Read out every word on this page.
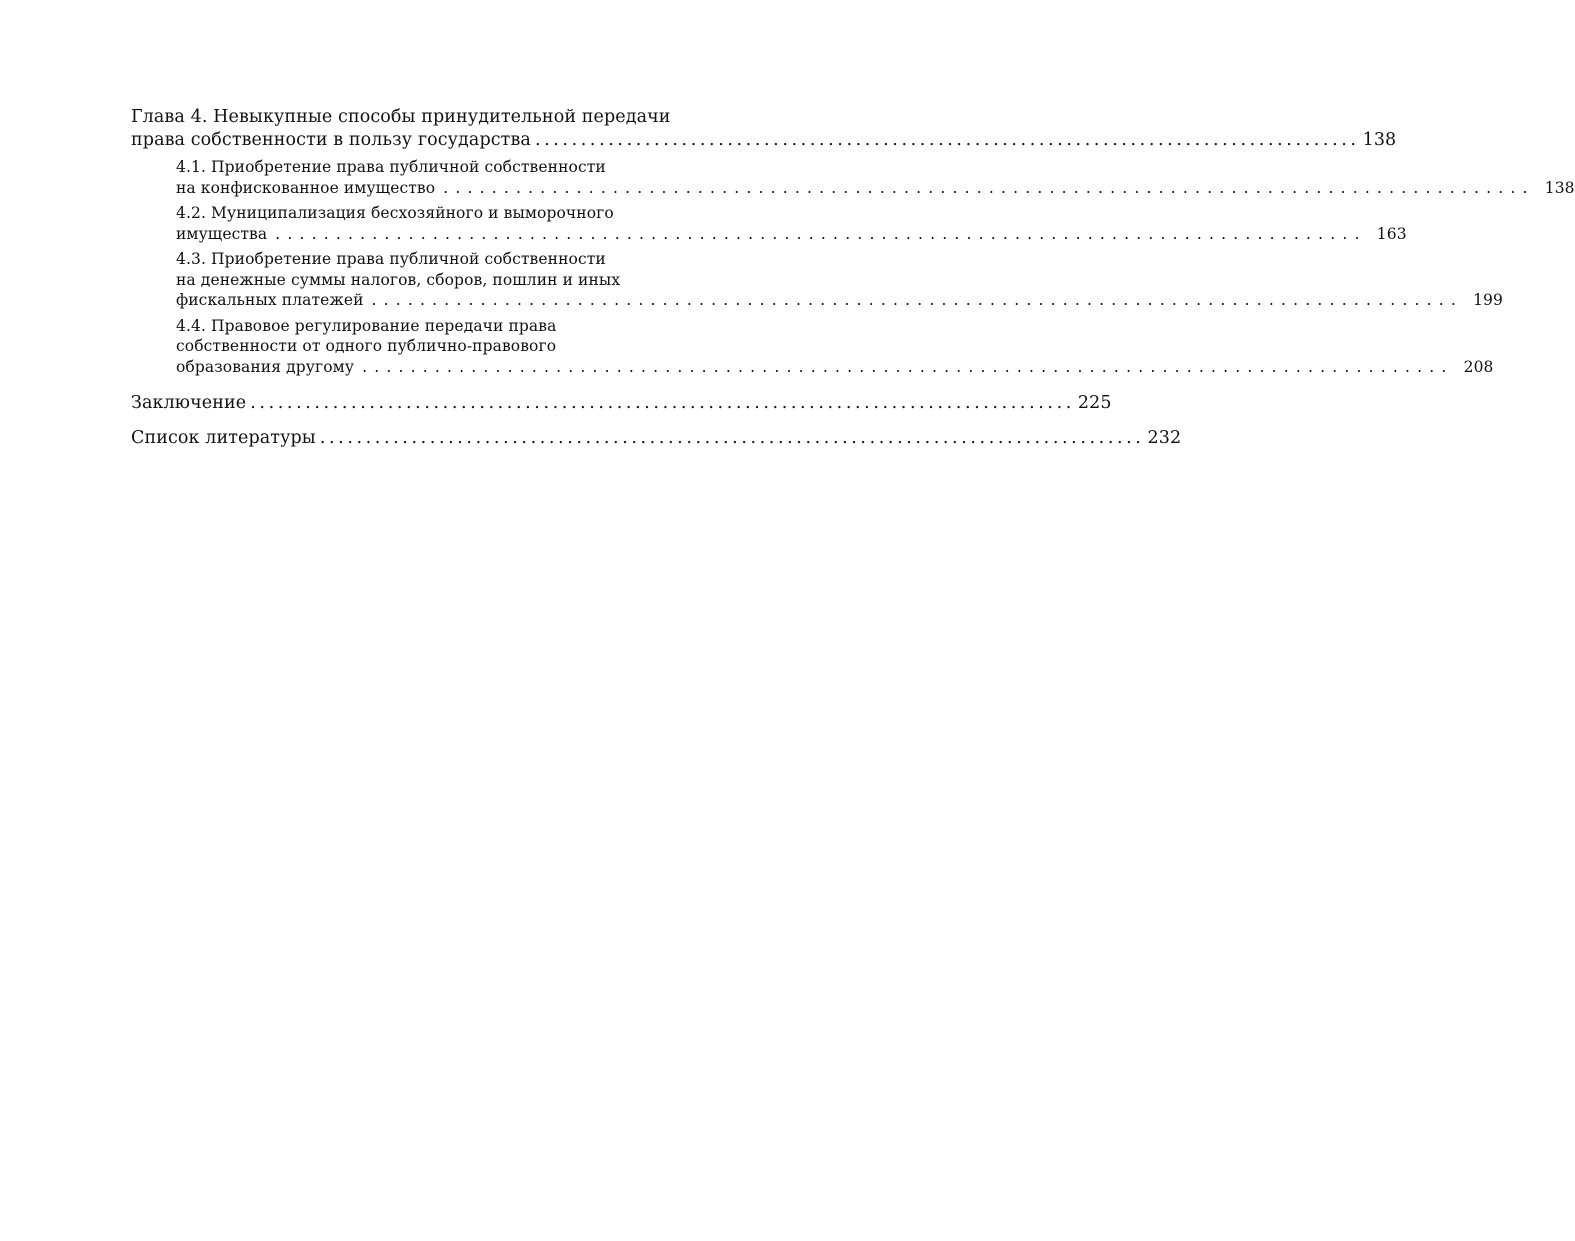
Глава 4. Невыкупные способы принудительной передачи
права собственности в пользу государства .......................................................................................... 138
4.1. Приобретение права публичной собственности
на конфискованное имущество .......................................................................................... 138
4.2. Муниципализация бесхозяйного и выморочного
имущества .......................................................................................... 163
4.3. Приобретение права публичной собственности
на денежные суммы налогов, сборов, пошлин и иных
фискальных платежей .......................................................................................... 199
4.4. Правовое регулирование передачи права
собственности от одного публично-правового
образования другому .......................................................................................... 208
Заключение .......................................................................................... 225
Список литературы .......................................................................................... 232
